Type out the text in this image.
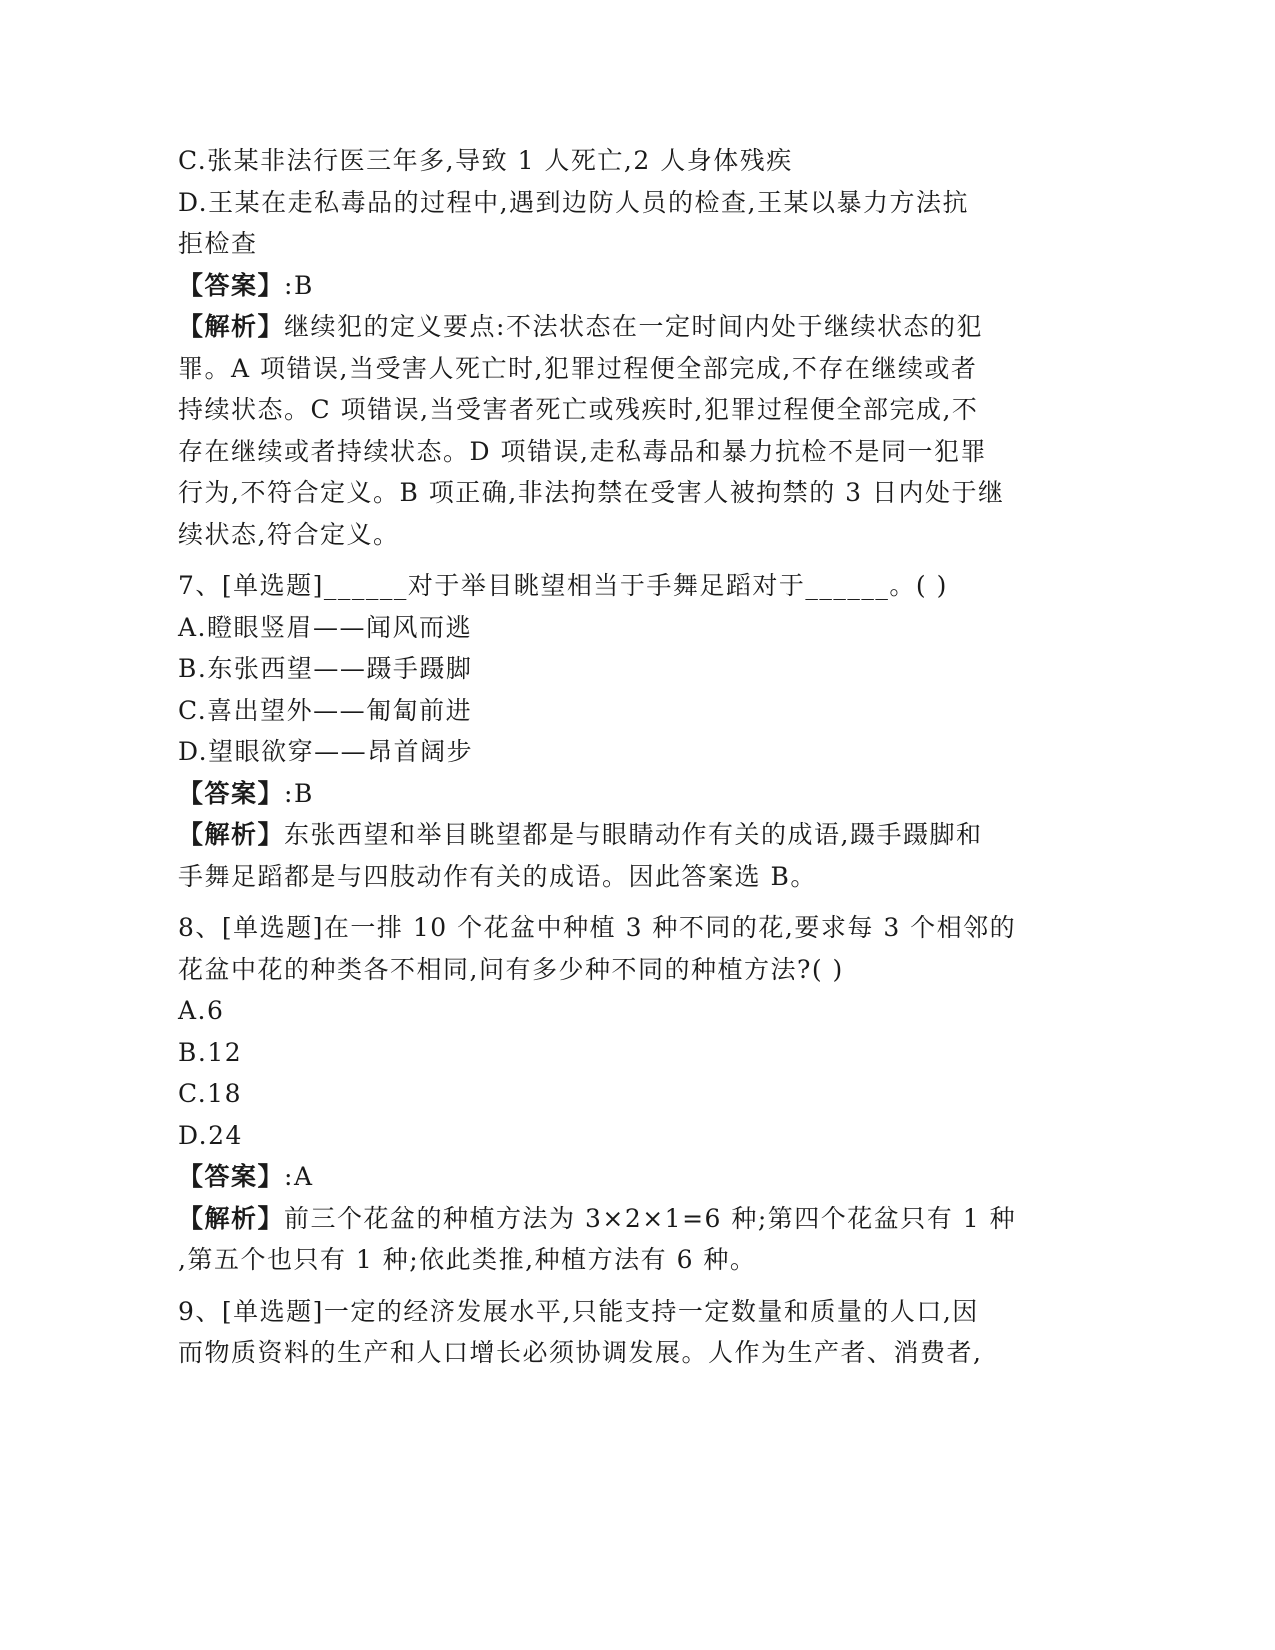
C.张某非法行医三年多,导致 1 人死亡,2 人身体残疾
D.王某在走私毒品的过程中,遇到边防人员的检查,王某以暴力方法抗
拒检查
【答案】:B
【解析】继续犯的定义要点:不法状态在一定时间内处于继续状态的犯
罪。A 项错误,当受害人死亡时,犯罪过程便全部完成,不存在继续或者
持续状态。C 项错误,当受害者死亡或残疾时,犯罪过程便全部完成,不
存在继续或者持续状态。D 项错误,走私毒品和暴力抗检不是同一犯罪
行为,不符合定义。B 项正确,非法拘禁在受害人被拘禁的 3 日内处于继
续状态,符合定义。
7、[单选题]______对于举目眺望相当于手舞足蹈对于______。( )
A.瞪眼竖眉——闻风而逃
B.东张西望——蹑手蹑脚
C.喜出望外——匍匐前进
D.望眼欲穿——昂首阔步
【答案】:B
【解析】东张西望和举目眺望都是与眼睛动作有关的成语,蹑手蹑脚和
手舞足蹈都是与四肢动作有关的成语。因此答案选 B。
8、[单选题]在一排 10 个花盆中种植 3 种不同的花,要求每 3 个相邻的
花盆中花的种类各不相同,问有多少种不同的种植方法?( )
A.6
B.12
C.18
D.24
【答案】:A
【解析】前三个花盆的种植方法为 3×2×1=6 种;第四个花盆只有 1 种
,第五个也只有 1 种;依此类推,种植方法有 6 种。
9、[单选题]一定的经济发展水平,只能支持一定数量和质量的人口,因
而物质资料的生产和人口增长必须协调发展。人作为生产者、消费者,
